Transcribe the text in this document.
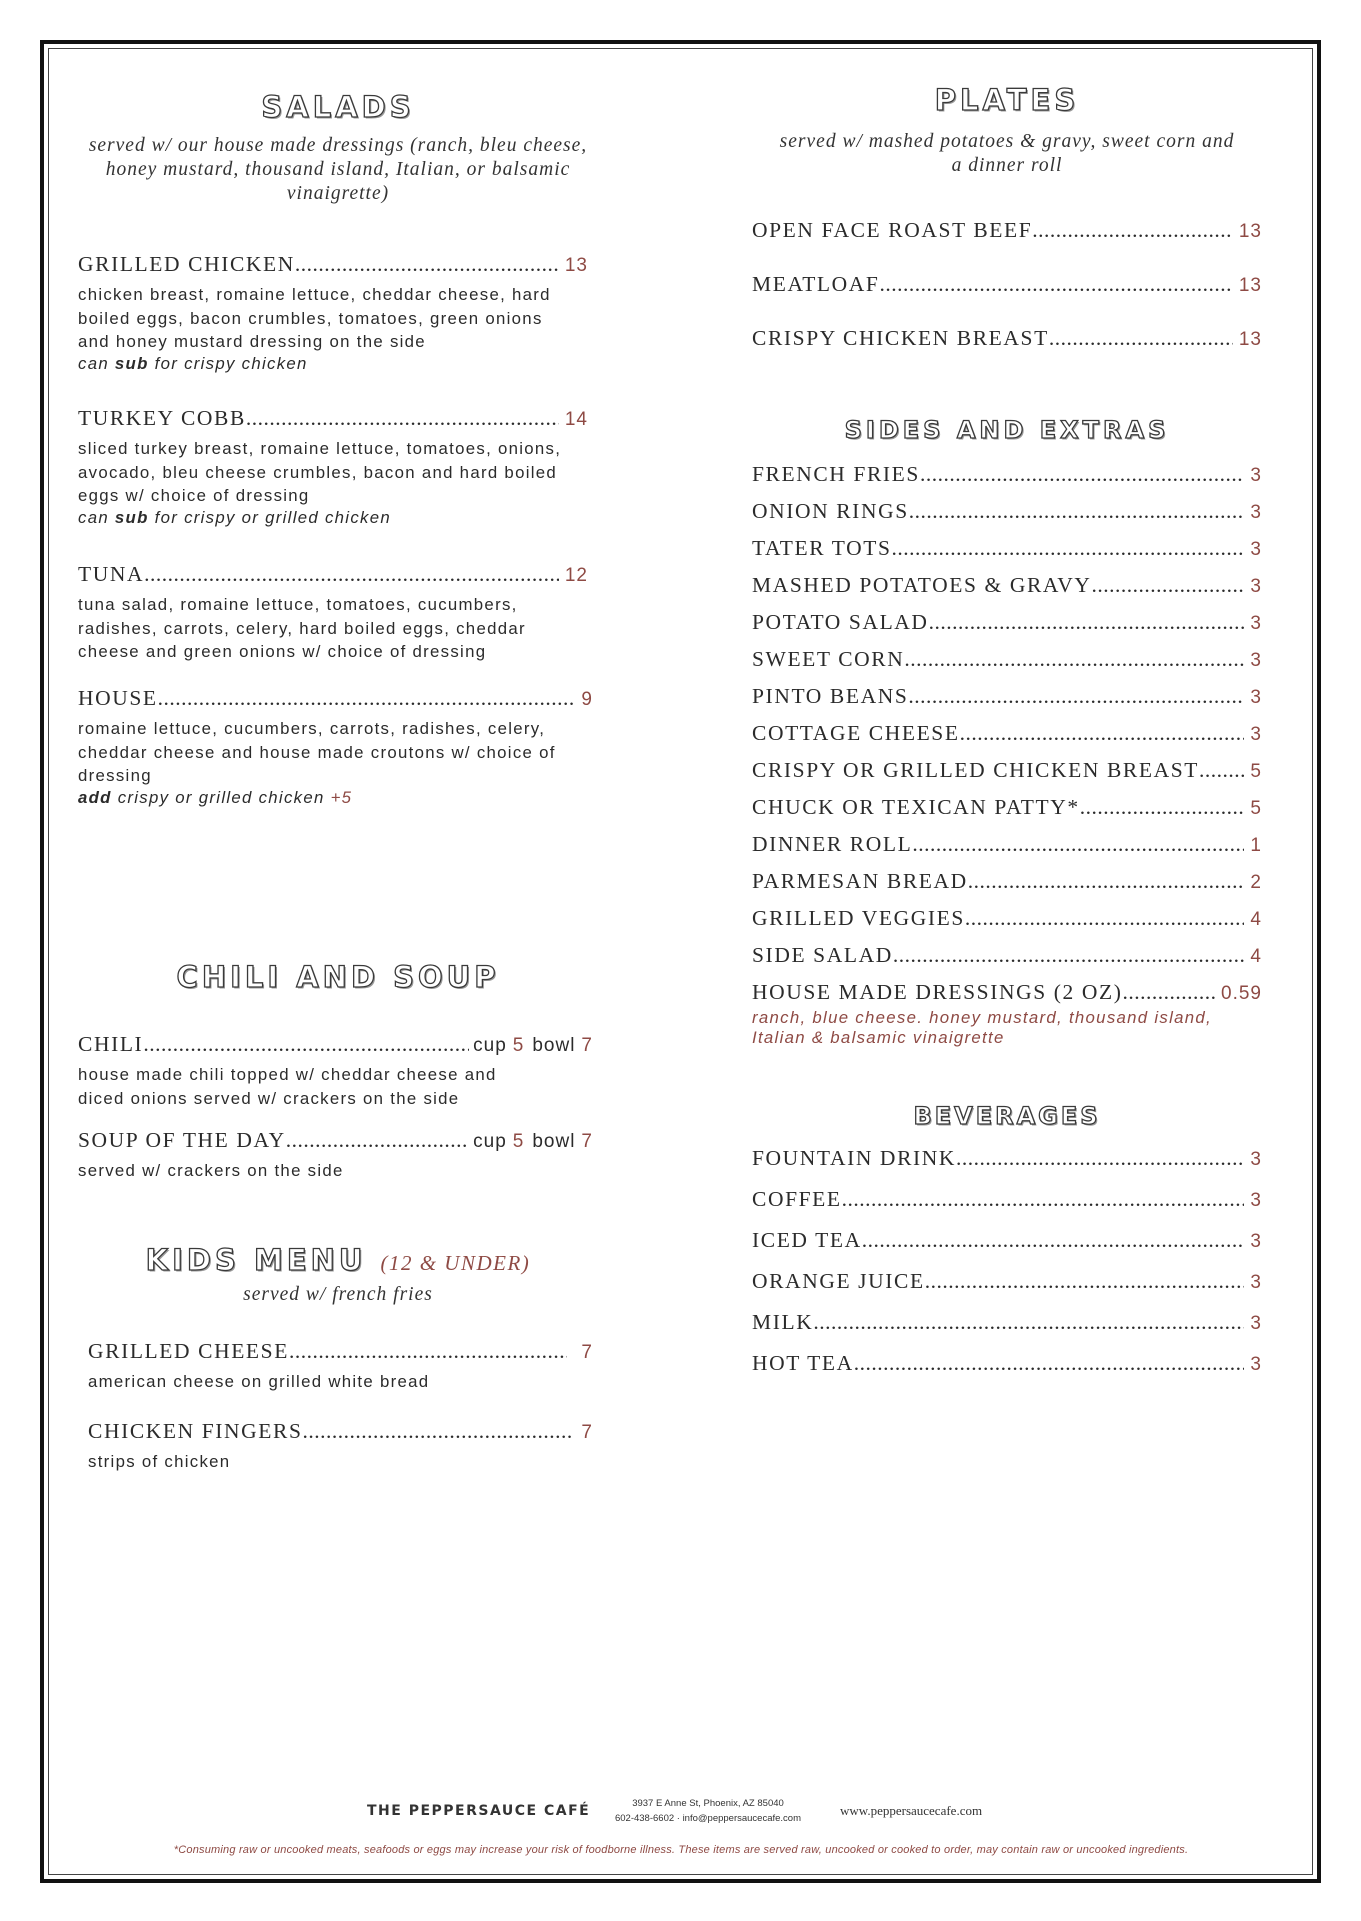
SALADS

served w/ our house made dressings (ranch, bleu cheese, honey mustard, thousand island, Italian, or balsamic vinaigrette)

GRILLED CHICKEN .....	13
chicken breast, romaine lettuce, cheddar cheese, hard boiled eggs, bacon crumbles, tomatoes, green onions and honey mustard dressing on the side
can sub for crispy chicken
TURKEY COBB .....	14
sliced turkey breast, romaine lettuce, tomatoes, onions, avocado, bleu cheese crumbles, bacon and hard boiled eggs w/ choice of dressing
can sub for crispy or grilled chicken
TUNA .....	12
tuna salad, romaine lettuce, tomatoes, cucumbers, radishes, carrots, celery, hard boiled eggs, cheddar cheese and green onions w/ choice of dressing
HOUSE .....	9
romaine lettuce, cucumbers, carrots, radishes, celery, cheddar cheese and house made croutons w/ choice of dressing
add crispy or grilled chicken +5
CHILI AND SOUP
CHILI .....	cup 5 bowl 7
house made chili topped w/ cheddar cheese and diced onions served w/ crackers on the side
SOUP OF THE DAY .....	cup 5 bowl 7
served w/ crackers on the side
KIDS MENU (12 & UNDER)

served w/ french fries

GRILLED CHEESE .....	7
american cheese on grilled white bread
CHICKEN FINGERS .....	7
strips of chicken
PLATES

served w/ mashed potatoes & gravy, sweet corn and a dinner roll

OPEN FACE ROAST BEEF .....	13
MEATLOAF .....	13
CRISPY CHICKEN BREAST .....	13
SIDES AND EXTRAS
FRENCH FRIES .....	3
ONION RINGS .....	3
TATER TOTS .....	3
MASHED POTATOES & GRAVY .....	3
POTATO SALAD .....	3
SWEET CORN .....	3
PINTO BEANS .....	3
COTTAGE CHEESE .....	3
CRISPY OR GRILLED CHICKEN BREAST .....	5
CHUCK OR TEXICAN PATTY* .....	5
DINNER ROLL .....	1
PARMESAN BREAD .....	2
GRILLED VEGGIES .....	4
SIDE SALAD .....	4
HOUSE MADE DRESSINGS (2 OZ) .....	0.59
ranch, blue cheese. honey mustard, thousand island, Italian & balsamic vinaigrette
BEVERAGES
FOUNTAIN DRINK .....	3
COFFEE .....	3
ICED TEA .....	3
ORANGE JUICE .....	3
MILK .....	3
HOT TEA .....	3
THE PEPPERSAUCE CAFÉ	3937 E Anne St, Phoenix, AZ 85040
602-438-6602 · info@peppersaucecafe.com
www.peppersaucecafe.com
*Consuming raw or uncooked meats, seafoods or eggs may increase your risk of foodborne illness. These items are served raw, uncooked or cooked to order, may contain raw or uncooked ingredients.
